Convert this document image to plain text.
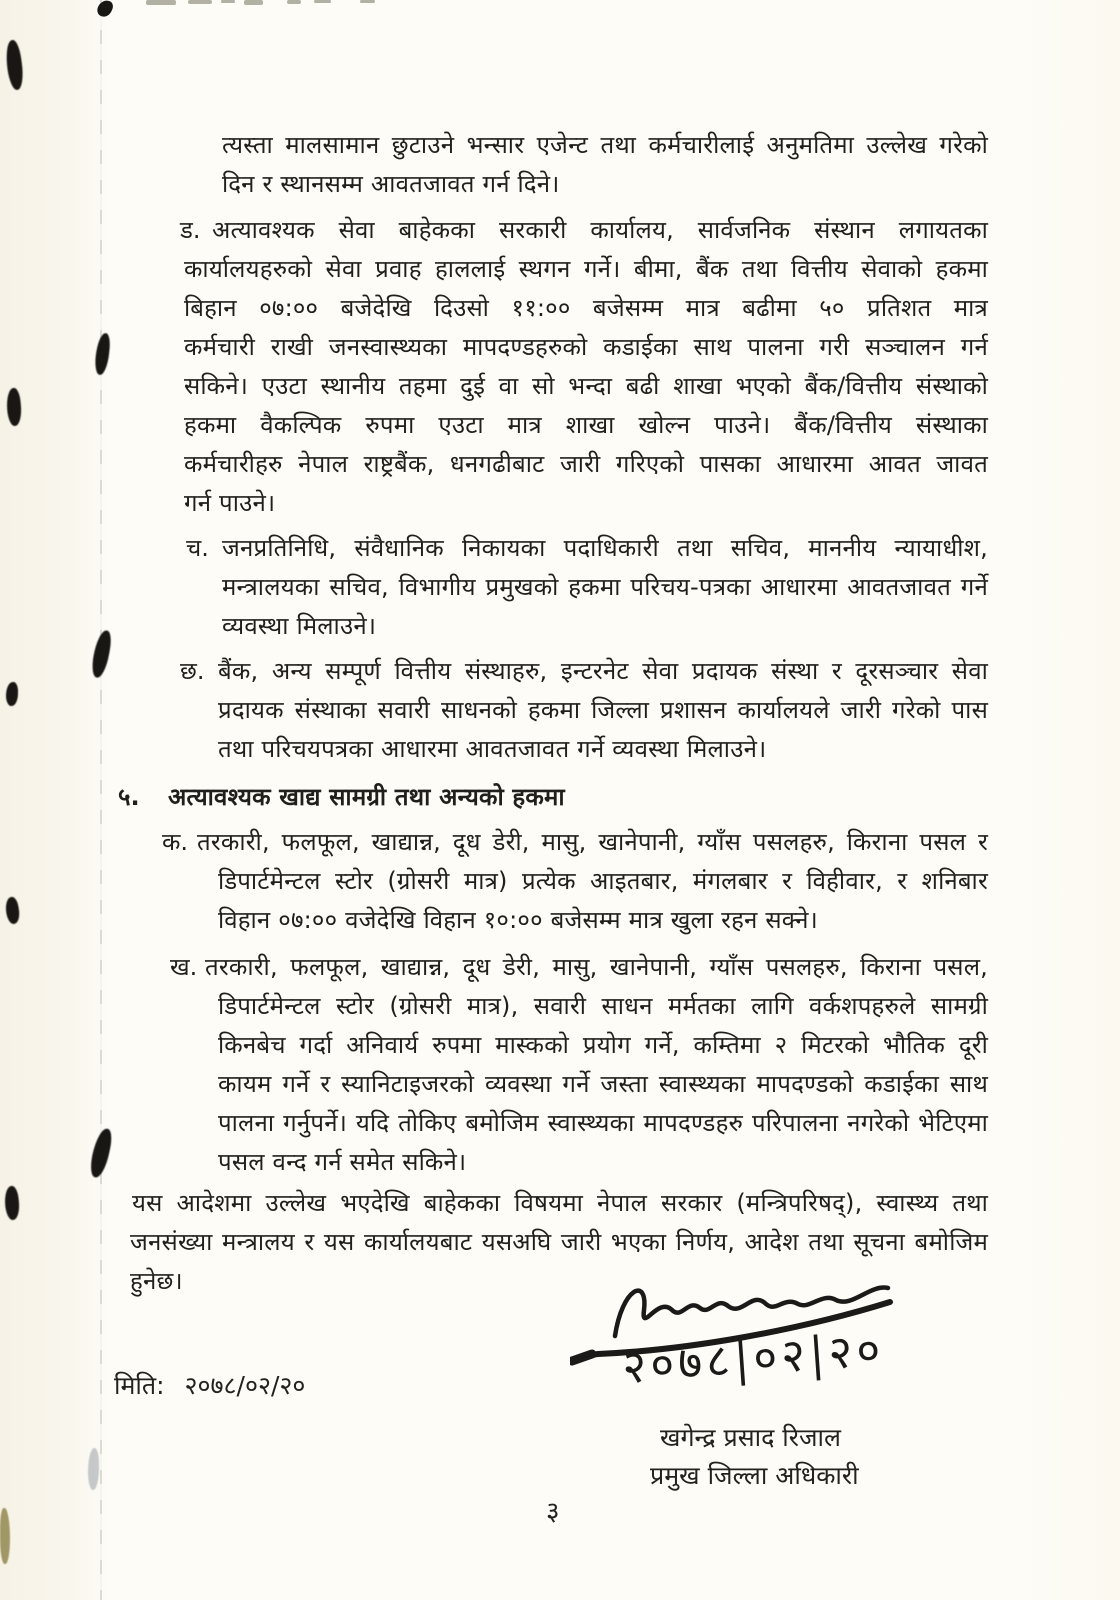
त्यस्ता मालसामान छुटाउने भन्सार एजेन्ट तथा कर्मचारीलाई अनुमतिमा उल्लेख गरेको
दिन र स्थानसम्म आवतजावत गर्न दिने।
ड. अत्यावश्यक सेवा बाहेकका सरकारी कार्यालय, सार्वजनिक संस्थान लगायतका
कार्यालयहरुको सेवा प्रवाह हाललाई स्थगन गर्ने। बीमा, बैंक तथा वित्तीय सेवाको हकमा
बिहान ०७:०० बजेदेखि दिउसो ११:०० बजेसम्म मात्र बढीमा ५० प्रतिशत मात्र
कर्मचारी राखी जनस्वास्थ्यका मापदण्डहरुको कडाईका साथ पालना गरी सञ्चालन गर्न
सकिने। एउटा स्थानीय तहमा दुई वा सो भन्दा बढी शाखा भएको बैंक/वित्तीय संस्थाको
हकमा वैकल्पिक रुपमा एउटा मात्र शाखा खोल्न पाउने। बैंक/वित्तीय संस्थाका
कर्मचारीहरु नेपाल राष्ट्रबैंक, धनगढीबाट जारी गरिएको पासका आधारमा आवत जावत
गर्न पाउने।
च. जनप्रतिनिधि, संवैधानिक निकायका पदाधिकारी तथा सचिव, माननीय न्यायाधीश,
मन्त्रालयका सचिव, विभागीय प्रमुखको हकमा परिचय-पत्रका आधारमा आवतजावत गर्ने
व्यवस्था मिलाउने।
छ. बैंक, अन्य सम्पूर्ण वित्तीय संस्थाहरु, इन्टरनेट सेवा प्रदायक संस्था र दूरसञ्चार सेवा
प्रदायक संस्थाका सवारी साधनको हकमा जिल्ला प्रशासन कार्यालयले जारी गरेको पास
तथा परिचयपत्रका आधारमा आवतजावत गर्ने व्यवस्था मिलाउने।
५. अत्यावश्यक खाद्य सामग्री तथा अन्यको हकमा
क. तरकारी, फलफूल, खाद्यान्न, दूध डेरी, मासु, खानेपानी, ग्याँस पसलहरु, किराना पसल र
डिपार्टमेन्टल स्टोर (ग्रोसरी मात्र) प्रत्येक आइतबार, मंगलबार र विहीवार, र शनिबार
विहान ०७:०० वजेदेखि विहान १०:०० बजेसम्म मात्र खुला रहन सक्ने।
ख. तरकारी, फलफूल, खाद्यान्न, दूध डेरी, मासु, खानेपानी, ग्याँस पसलहरु, किराना पसल,
डिपार्टमेन्टल स्टोर (ग्रोसरी मात्र), सवारी साधन मर्मतका लागि वर्कशपहरुले सामग्री
किनबेच गर्दा अनिवार्य रुपमा मास्कको प्रयोग गर्ने, कम्तिमा २ मिटरको भौतिक दूरी
कायम गर्ने र स्यानिटाइजरको व्यवस्था गर्ने जस्ता स्वास्थ्यका मापदण्डको कडाईका साथ
पालना गर्नुपर्ने। यदि तोकिए बमोजिम स्वास्थ्यका मापदण्डहरु परिपालना नगरेको भेटिएमा
पसल वन्द गर्न समेत सकिने।
यस आदेशमा उल्लेख भएदेखि बाहेकका विषयमा नेपाल सरकार (मन्त्रिपरिषद्), स्वास्थ्य तथा
जनसंख्या मन्त्रालय र यस कार्यालयबाट यसअघि जारी भएका निर्णय, आदेश तथा सूचना बमोजिम
हुनेछ।
२०७८|०२|२०
मिति: २०७८/०२/२०
खगेन्द्र प्रसाद रिजाल
प्रमुख जिल्ला अधिकारी
३
